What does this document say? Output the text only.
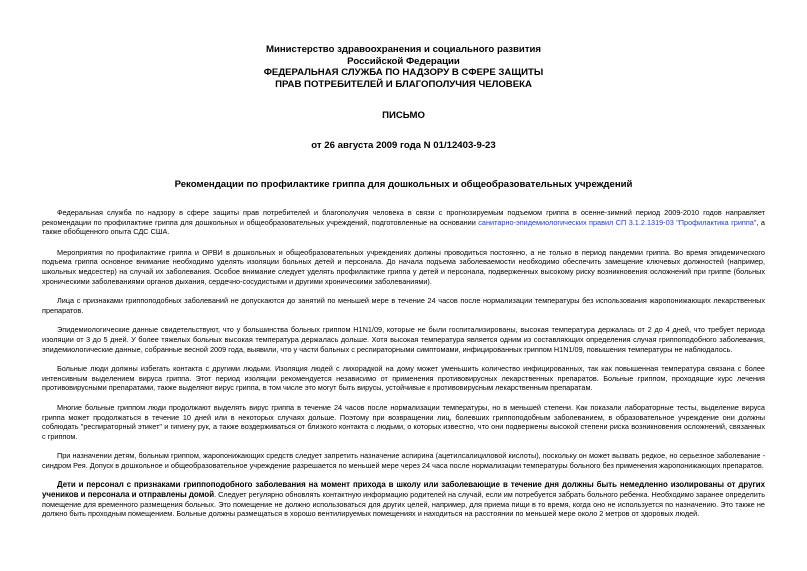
Министерство здравоохранения и социального развития
Российской Федерации
ФЕДЕРАЛЬНАЯ СЛУЖБА ПО НАДЗОРУ В СФЕРЕ ЗАЩИТЫ
ПРАВ ПОТРЕБИТЕЛЕЙ И БЛАГОПОЛУЧИЯ ЧЕЛОВЕКА
ПИСЬМО
от 26 августа 2009 года N 01/12403-9-23
Рекомендации по профилактике гриппа для дошкольных и общеобразовательных учреждений

Федеральная служба по надзору в сфере защиты прав потребителей и благополучия человека в связи с прогнозируемым подъемом гриппа в осенне-зимний период 2009-2010 годов направляет рекомендации по профилактике гриппа для дошкольных и общеобразовательных учреждений, подготовленные на основании санитарно-эпидемиологических правил СП 3.1.2.1319-03 "Профилактика гриппа", а также обобщенного опыта СДС США.

Мероприятия по профилактике гриппа и ОРВИ в дошкольных и общеобразовательных учреждениях должны проводиться постоянно, а не только в период пандемии гриппа. Во время эпидемического подъема гриппа основное внимание необходимо уделять изоляции больных детей и персонала. До начала подъема заболеваемости необходимо обеспечить замещение ключевых должностей (например, школьных медсестер) на случай их заболевания. Особое внимание следует уделять профилактике гриппа у детей и персонала, подверженных высокому риску возникновения осложнений при гриппе (больных хроническими заболеваниями органов дыхания, сердечно-сосудистыми и другими хроническими заболеваниями).

Лица с признаками гриппоподобных заболеваний не допускаются до занятий по меньшей мере в течение 24 часов после нормализации температуры без использования жаропонижающих лекарственных препаратов.

Эпидемиологические данные свидетельствуют, что у большинства больных гриппом H1N1/09, которые не были госпитализированы, высокая температура держалась от 2 до 4 дней, что требует периода изоляции от 3 до 5 дней. У более тяжелых больных высокая температура держалась дольше. Хотя высокая температура является одним из составляющих определения случая гриппоподобного заболевания, эпидемиологические данные, собранные весной 2009 года, выявили, что у части больных с респираторными симптомами, инфицированных гриппом H1N1/09, повышения температуры не наблюдалось.

Больные люди должны избегать контакта с другими людьми. Изоляция людей с лихорадкой на дому может уменьшить количество инфицированных, так как повышенная температура связана с более интенсивным выделением вируса гриппа. Этот период изоляции рекомендуется независимо от применения противовирусных лекарственных препаратов. Больные гриппом, проходящие курс лечения противовирусными препаратами, также выделяют вирус гриппа, в том числе это могут быть вирусы, устойчивые к противовирусным лекарственным препаратам.

Многие больные гриппом люди продолжают выделять вирус гриппа в течение 24 часов после нормализации температуры, но в меньшей степени. Как показали лабораторные тесты, выделение вируса гриппа может продолжаться в течение 10 дней или в некоторых случаях дольше. Поэтому при возвращении лиц, болевших гриппоподобным заболеванием, в образовательное учреждение они должны соблюдать "респираторный этикет" и гигиену рук, а также воздерживаться от близкого контакта с людьми, о которых известно, что они подвержены высокой степени риска возникновения осложнений, связанных с гриппом.

При назначении детям, больным гриппом, жаропонижающих средств следует запретить назначение аспирина (ацетилсалициловой кислоты), поскольку он может вызвать редкое, но серьезное заболевание - синдром Рея. Допуск в дошкольное и общеобразовательное учреждение разрешается по меньшей мере через 24 часа после нормализации температуры больного без применения жаропонижающих препаратов.

Дети и персонал с признаками гриппоподобного заболевания на момент прихода в школу или заболевающие в течение дня должны быть немедленно изолированы от других учеников и персонала и отправлены домой. Следует регулярно обновлять контактную информацию родителей на случай, если им потребуется забрать больного ребенка. Необходимо заранее определить помещение для временного размещения больных. Это помещение не должно использоваться для других целей, например, для приема пищи в то время, когда оно не используется по назначению. Это также не должно быть проходным помещением. Больные должны размещаться в хорошо вентилируемых помещениях и находиться на расстоянии по меньшей мере около 2 метров от здоровых людей.
